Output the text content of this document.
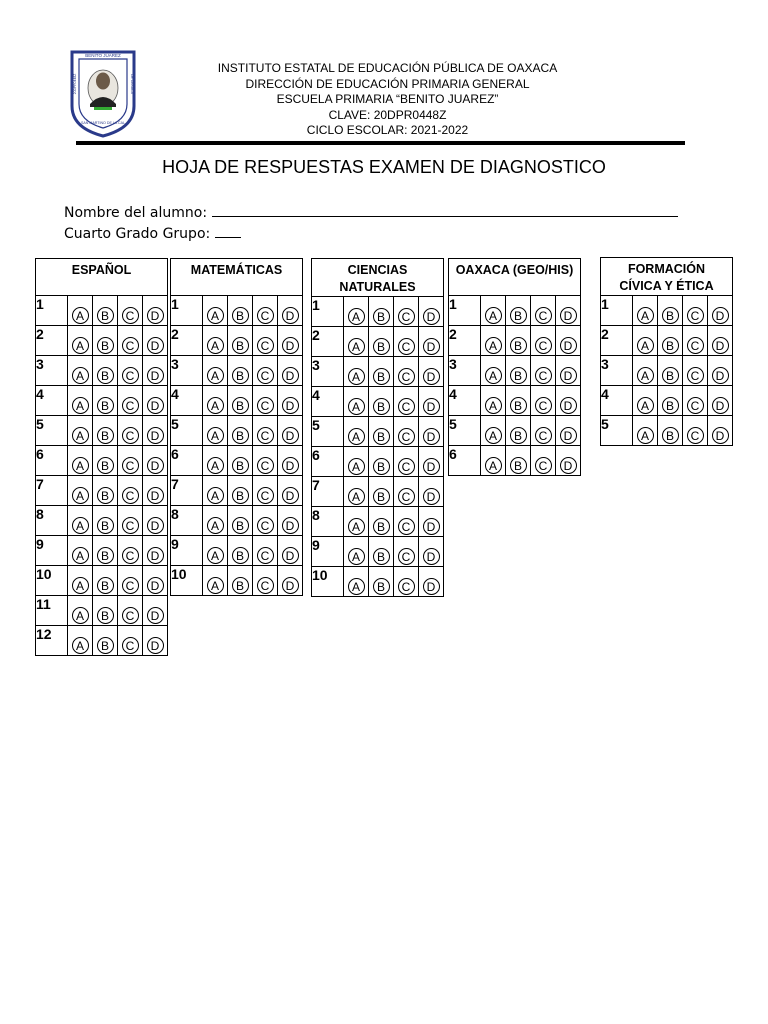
BENITO JUAREZ
SAN MARTINO DE LA CAL
20DPR0448Z	DE OAXACA
INSTITUTO ESTATAL DE EDUCACIÓN PÚBLICA DE OAXACA
DIRECCIÓN DE EDUCACIÓN PRIMARIA GENERAL
ESCUELA PRIMARIA “BENITO JUAREZ”
CLAVE: 20DPR0448Z
CICLO ESCOLAR: 2021-2022
HOJA DE RESPUESTAS EXAMEN DE DIAGNOSTICO
Nombre del alumno:
Cuarto Grado Grupo:
ESPAÑOL				

1	A	B	C	D
2	A	B	C	D
3	A	B	C	D
4	A	B	C	D
5	A	B	C	D
6	A	B	C	D
7	A	B	C	D
8	A	B	C	D
9	A	B	C	D
10	A	B	C	D
11	A	B	C	D
12	A	B	C	D
MATEMÁTICAS				

1	A	B	C	D
2	A	B	C	D
3	A	B	C	D
4	A	B	C	D
5	A	B	C	D
6	A	B	C	D
7	A	B	C	D
8	A	B	C	D
9	A	B	C	D
10	A	B	C	D
CIENCIAS
NATURALES				

1	A	B	C	D
2	A	B	C	D
3	A	B	C	D
4	A	B	C	D
5	A	B	C	D
6	A	B	C	D
7	A	B	C	D
8	A	B	C	D
9	A	B	C	D
10	A	B	C	D
OAXACA (GEO/HIS)				

1	A	B	C	D
2	A	B	C	D
3	A	B	C	D
4	A	B	C	D
5	A	B	C	D
6	A	B	C	D
FORMACIÓN
CÍVICA Y ÉTICA				

1	A	B	C	D
2	A	B	C	D
3	A	B	C	D
4	A	B	C	D
5	A	B	C	D
